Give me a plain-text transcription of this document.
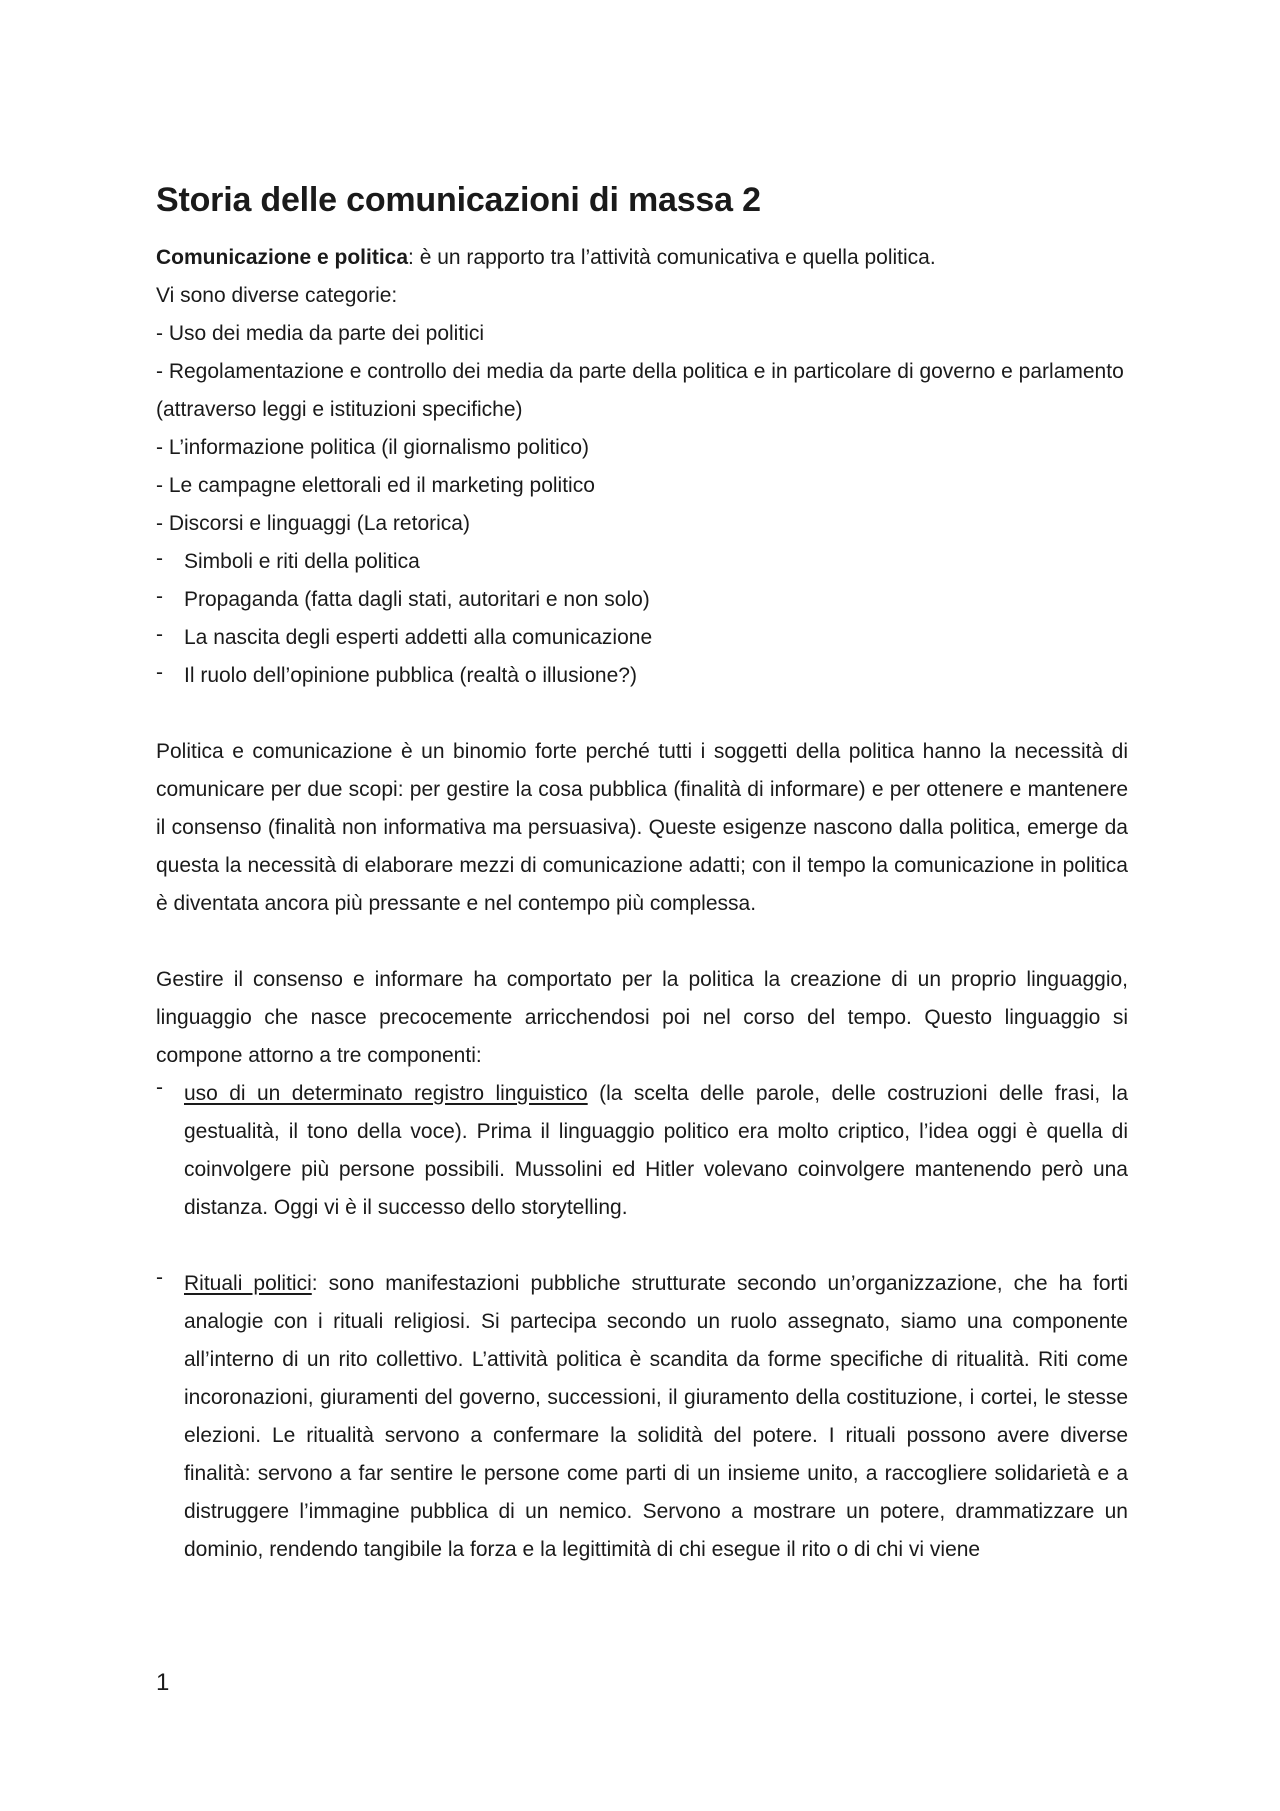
Storia delle comunicazioni di massa 2

Comunicazione e politica: è un rapporto tra l’attività comunicativa e quella politica.

Vi sono diverse categorie:

- Uso dei media da parte dei politici
- Regolamentazione e controllo dei media da parte della politica e in particolare di governo e parlamento (attraverso leggi e istituzioni specifiche)
- L’informazione politica (il giornalismo politico)
- Le campagne elettorali ed il marketing politico
- Discorsi e linguaggi (La retorica)
- Simboli e riti della politica
- Propaganda (fatta dagli stati, autoritari e non solo)
- La nascita degli esperti addetti alla comunicazione
- Il ruolo dell’opinione pubblica (realtà o illusione?)

Politica e comunicazione è un binomio forte perché tutti i soggetti della politica hanno la necessità di comunicare per due scopi: per gestire la cosa pubblica (finalità di informare) e per ottenere e mantenere il consenso (finalità non informativa ma persuasiva). Queste esigenze nascono dalla politica, emerge da questa la necessità di elaborare mezzi di comunicazione adatti; con il tempo la comunicazione in politica è diventata ancora più pressante e nel contempo più complessa.

Gestire il consenso e informare ha comportato per la politica la creazione di un proprio linguaggio, linguaggio che nasce precocemente arricchendosi poi nel corso del tempo. Questo linguaggio si compone attorno a tre componenti:

- uso di un determinato registro linguistico (la scelta delle parole, delle costruzioni delle frasi, la gestualità, il tono della voce). Prima il linguaggio politico era molto criptico, l’idea oggi è quella di coinvolgere più persone possibili. Mussolini ed Hitler volevano coinvolgere mantenendo però una distanza. Oggi vi è il successo dello storytelling.
- Rituali politici: sono manifestazioni pubbliche strutturate secondo un’organizzazione, che ha forti analogie con i rituali religiosi. Si partecipa secondo un ruolo assegnato, siamo una componente all’interno di un rito collettivo. L’attività politica è scandita da forme specifiche di ritualità. Riti come incoronazioni, giuramenti del governo, successioni, il giuramento della costituzione, i cortei, le stesse elezioni. Le ritualità servono a confermare la solidità del potere. I rituali possono avere diverse finalità: servono a far sentire le persone come parti di un insieme unito, a raccogliere solidarietà e a distruggere l’immagine pubblica di un nemico. Servono a mostrare un potere, drammatizzare un dominio, rendendo tangibile la forza e la legittimità di chi esegue il rito o di chi vi viene
1
